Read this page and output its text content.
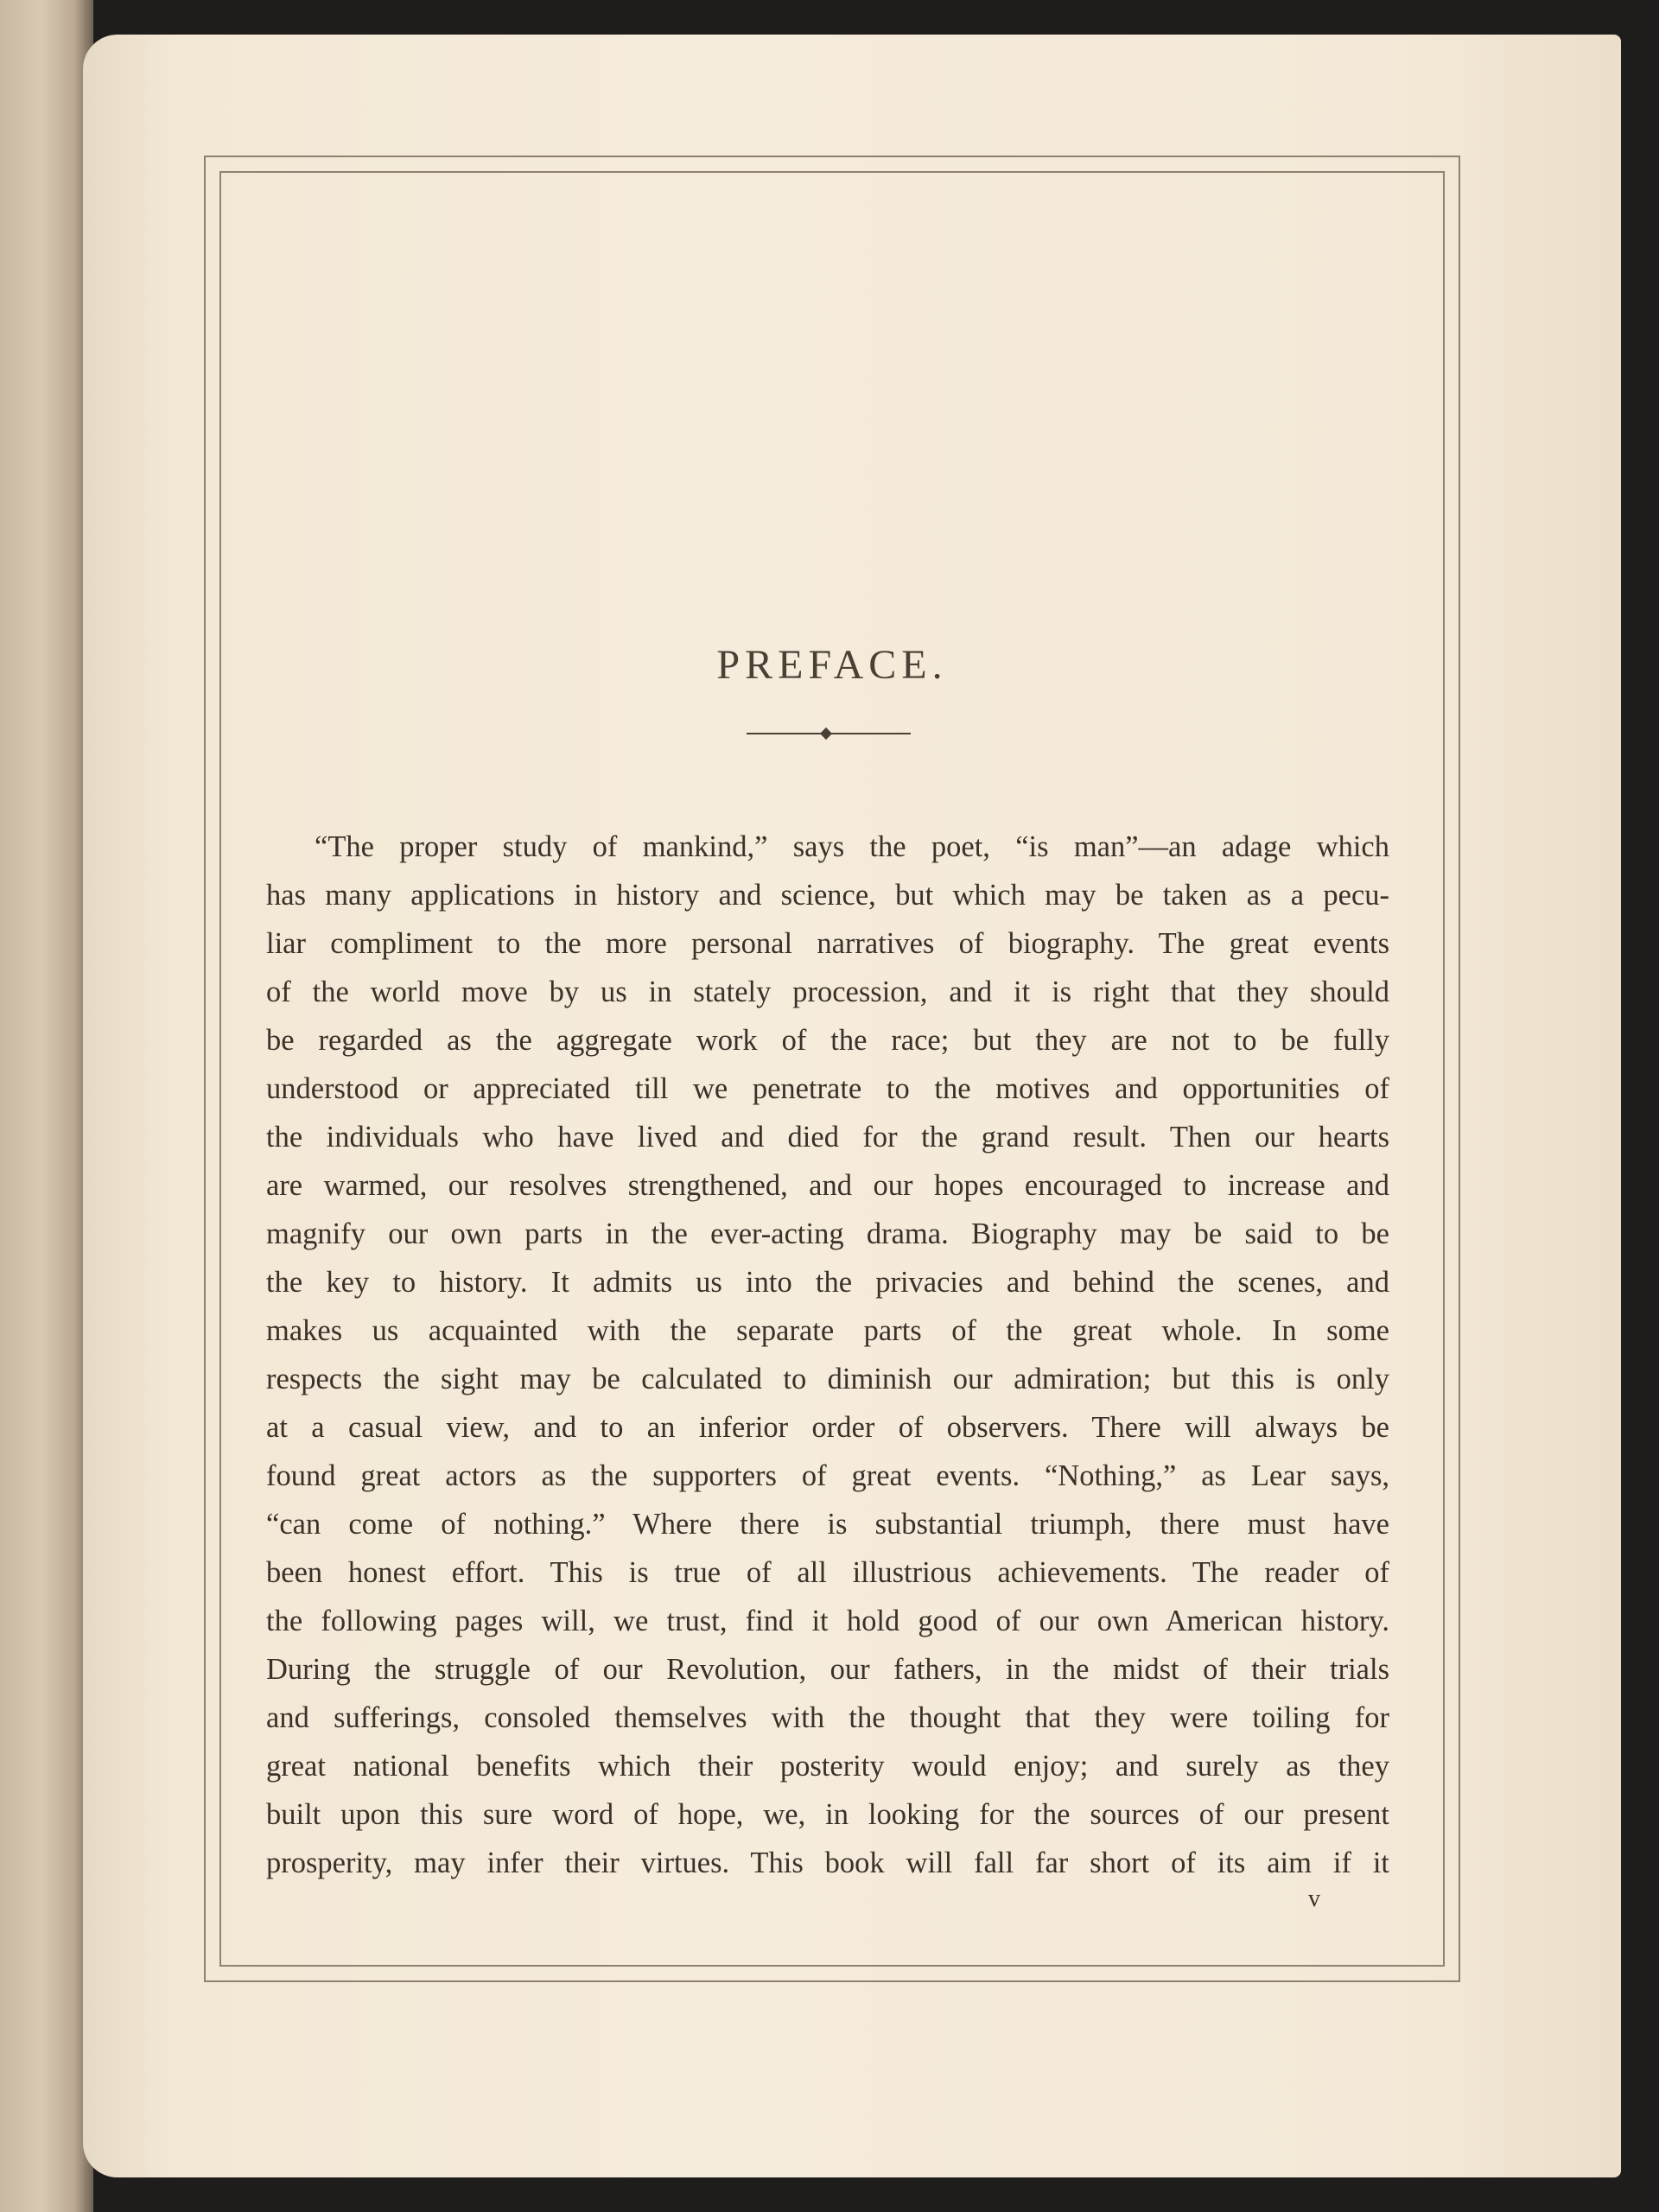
PREFACE.
“The proper study of mankind,” says the poet, “is man”––an adage which
has many applications in history and science, but which may be taken as a pecu-
liar compliment to the more personal narratives of biography. The great events
of the world move by us in stately procession, and it is right that they should
be regarded as the aggregate work of the race; but they are not to be fully
understood or appreciated till we penetrate to the motives and opportunities of
the individuals who have lived and died for the grand result. Then our hearts
are warmed, our resolves strengthened, and our hopes encouraged to increase and
magnify our own parts in the ever-acting drama. Biography may be said to be
the key to history. It admits us into the privacies and behind the scenes, and
makes us acquainted with the separate parts of the great whole. In some
respects the sight may be calculated to diminish our admiration; but this is only
at a casual view, and to an inferior order of observers. There will always be
found great actors as the supporters of great events. “Nothing,” as Lear says,
“can come of nothing.” Where there is substantial triumph, there must have
been honest effort. This is true of all illustrious achievements. The reader of
the following pages will, we trust, find it hold good of our own American history.
During the struggle of our Revolution, our fathers, in the midst of their trials
and sufferings, consoled themselves with the thought that they were toiling for
great national benefits which their posterity would enjoy; and surely as they
built upon this sure word of hope, we, in looking for the sources of our present
prosperity, may infer their virtues. This book will fall far short of its aim if it
v
